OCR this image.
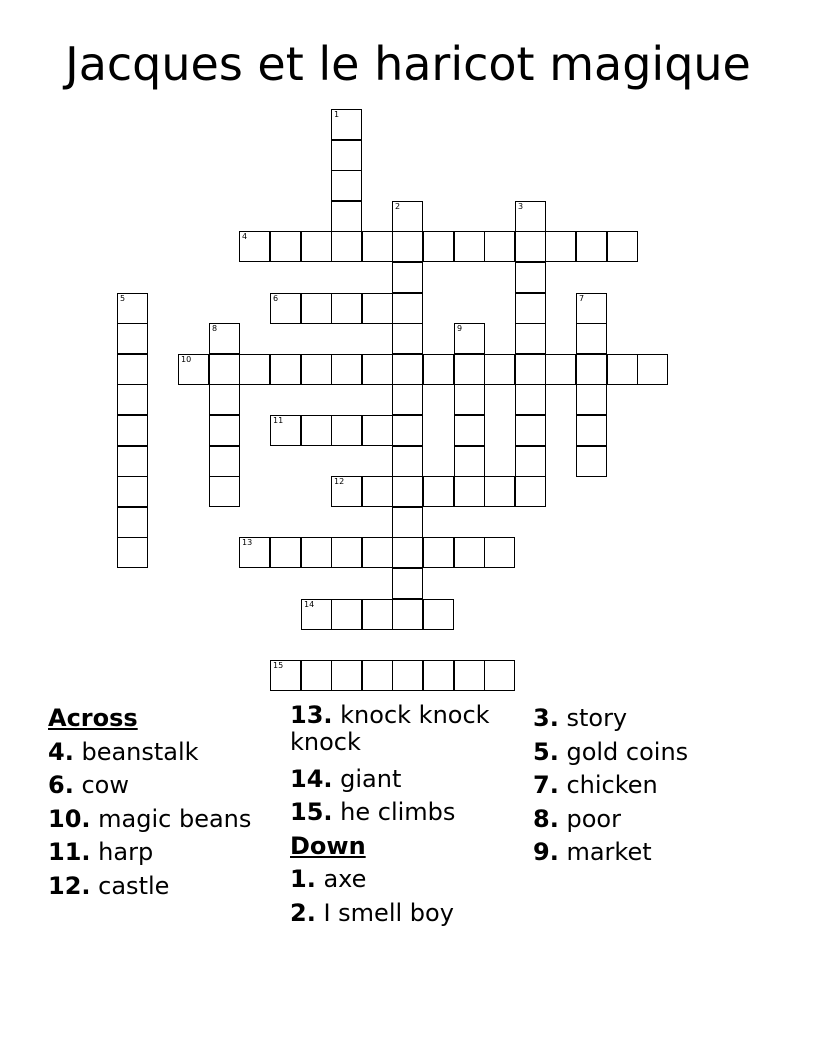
Jacques et le haricot magique
1
2	3
4
5	6	7
8	9
10
11
12
13
14
15
Across
4. beanstalk
6. cow
10. magic beans
11. harp
12. castle
13. knock knock knock
14. giant
15. he climbs
Down
1. axe
2. I smell boy
3. story
5. gold coins
7. chicken
8. poor
9. market
